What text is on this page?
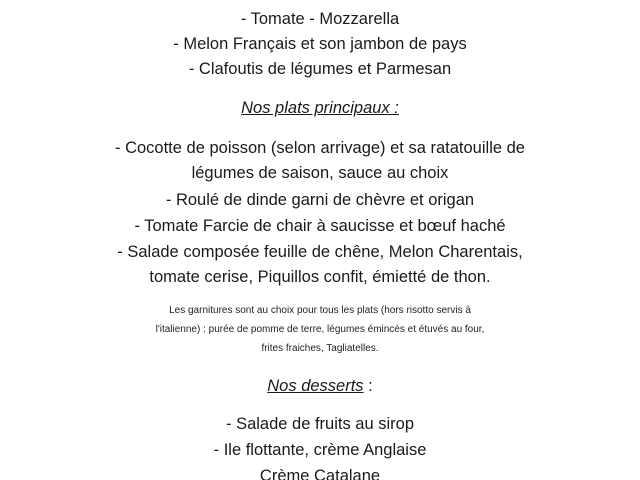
- Tomate - Mozzarella
- Melon Français et son jambon de pays
- Clafoutis de légumes et Parmesan
Nos plats principaux :
- Cocotte de poisson (selon arrivage) et sa ratatouille de
légumes de saison, sauce au choix
- Roulé de dinde garni de chèvre et origan
- Tomate Farcie de chair à saucisse et bœuf haché
- Salade composée feuille de chêne, Melon Charentais,
tomate cerise, Piquillos confit, émietté de thon.
Les garnitures sont au choix pour tous les plats (hors risotto servis à
l'italienne) : purée de pomme de terre, légumes émincés et étuvés au four,
frites fraiches, Tagliatelles.
Nos desserts :
- Salade de fruits au sirop
- Ile flottante, crème Anglaise
Crème Catalane
